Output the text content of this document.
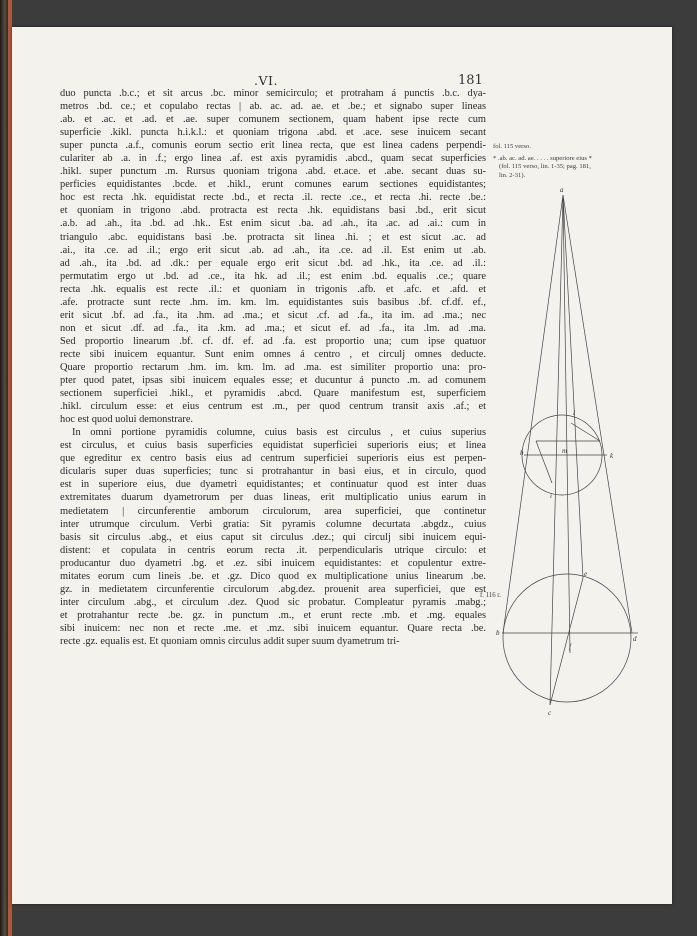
.VI.	181
duo puncta .b.c.; et sit arcus .bc. minor semicirculo; et protraham á punctis .b.c. dya-
metros .bd. ce.; et copulabo rectas | ab. ac. ad. ae. et .be.; et signabo super lineas
.ab. et .ac. et .ad. et .ae. super comunem sectionem, quam habent ipse recte cum
superficie .kikl. puncta h.i.k.l.: et quoniam trigona .abd. et .ace. sese inuicem secant
super puncta .a.f., comunis eorum sectio erit linea recta, que est linea cadens perpendi-
culariter ab .a. in .f.; ergo linea .af. est axis pyramidis .abcd., quam secat superficies
.hikl. super punctum .m. Rursus quoniam trigona .abd. et.ace. et .abe. secant duas su-
perficies equidistantes .bcde. et .hikl., erunt comunes earum sectiones equidistantes;
hoc est recta .hk. equidistat recte .bd., et recta .il. recte .ce., et recta .hi. recte .be.:
et quoniam in trigono .abd. protracta est recta .hk. equidistans basi .bd., erit sicut
.a.b. ad .ah., ita .bd. ad .hk.. Est enim sicut .ba. ad .ah., ita .ac. ad .ai.: cum in
triangulo .abc. equidistans basi .be. protracta sit linea .hi. ; et est sicut .ac. ad
.ai., ita .ce. ad .il.; ergo erit sicut .ab. ad .ah., ita .ce. ad .il. Est enim ut .ab.
ad .ah., ita .bd. ad .dk.: per equale ergo erit sicut .bd. ad .hk., ita .ce. ad .il.:
permutatim ergo ut .bd. ad .ce., ita hk. ad .il.; est enim .bd. equalis .ce.; quare
recta .hk. equalis est recte .il.: et quoniam in trigonis .afb. et .afc. et .afd. et
.afe. protracte sunt recte .hm. im. km. lm. equidistantes suis basibus .bf. cf.df. ef.,
erit sicut .bf. ad .fa., ita .hm. ad .ma.; et sicut .cf. ad .fa., ita im. ad .ma.; nec
non et sicut .df. ad .fa., ita .km. ad .ma.; et sicut ef. ad .fa., ita .lm. ad .ma.
Sed proportio linearum .bf. cf. df. ef. ad .fa. est proportio una; cum ipse quatuor
recte sibi inuicem equantur. Sunt enim omnes á centro , et circulj omnes deducte.
Quare proportio rectarum .hm. im. km. lm. ad .ma. est similiter proportio una: pro-
pter quod patet, ipsas sibi inuicem equales esse; et ducuntur á puncto .m. ad comunem
sectionem superficiei .hikl., et pyramidis .abcd. Quare manifestum est, superficiem
.hikl. circulum esse: et eius centrum est .m., per quod centrum transit axis .af.; et
hoc est quod uolui demonstrare.
In omni portione pyramidis columne, cuius basis est circulus , et cuius superius
est circulus, et cuius basis superficies equidistat superficiei superioris eius; et linea
que egreditur ex centro basis eius ad centrum superficiei superioris eius est perpen-
dicularis super duas superficies; tunc si protrahantur in basi eius, et in circulo, quod
est in superiore eius, due dyametri equidistantes; et continuatur quod est inter duas
extremitates duarum dyametrorum per duas lineas, erit multiplicatio unius earum in
medietatem | circunferentie amborum circulorum, area superficiei, que continetur
inter utrumque circulum. Verbi gratia: Sit pyramis columne decurtata .abgdz., cuius
basis sit circulus .abg., et eius caput sit circulus .dez.; qui circulj sibi inuicem equi-
distent: et copulata in centris eorum recta .it. perpendicularis utrique circulo: et
producantur duo dyametri .bg. et .ez. sibi inuicem equidistantes: et copulentur extre-
mitates eorum cum lineis .be. et .gz. Dico quod ex multiplicatione unius linearum .be.
gz. in medietatem circunferentie circulorum .abg.dez. prouenit area superficiei, que est
inter circulum .abg., et circulum .dez. Quod sic probatur. Compleatur pyramis .mabg.;
et protrahantur recte .be. gz. in punctum .m., et erunt recte .mb. et .mg. equales
sibi inuicem: nec non et recte .me. et .mz. sibi inuicem equantur. Quare recta .be.
recte .gz. equalis est. Et quoniam omnis circulus addit super suum dyametrum tri-
fol. 115 verso.
* .ab. ac. ad. ae. . . . . superiore eius *
(fol. 115 verso, lin. 1-35; pag. 181,
lin. 2-31).
f. 116 r.
a
l
h	k
m
i
e
b
d
f
c
